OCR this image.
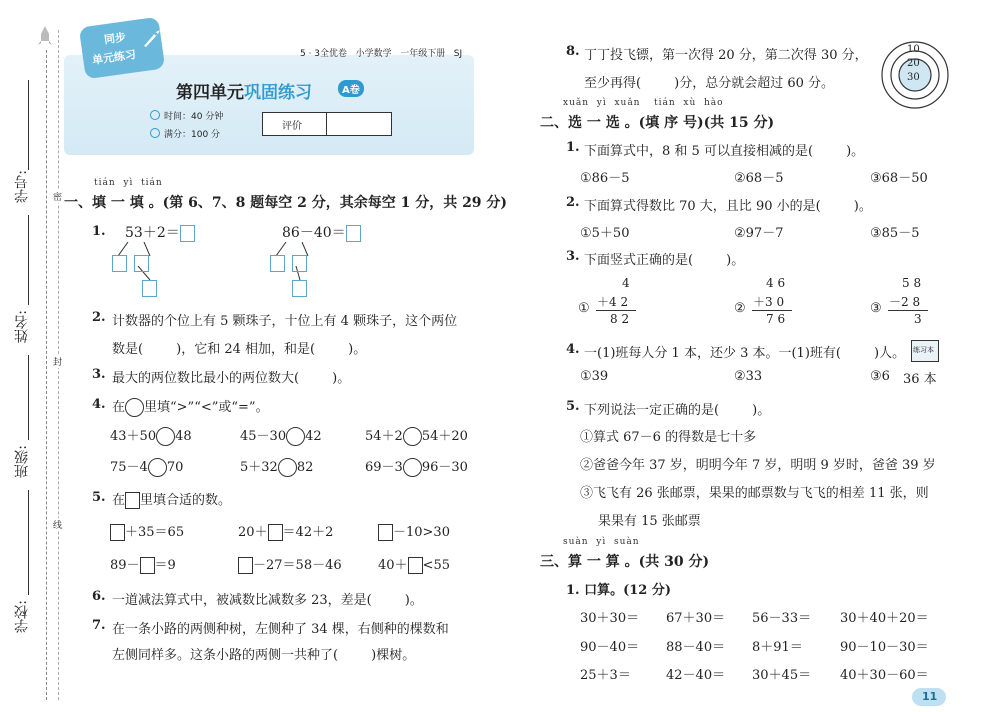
学号:
姓名:
班级:
学校:
密
封
线
同步
单元练习	5 · 3全优卷   小学数学   一年级下册   SJ
第四单元巩固练习	A卷
时间：40 分钟
满分：100 分
评价
tián  yì  tián
一、填 一 填 。(第 6、7、8 题每空 2 分，其余每空 1 分，共 29 分)
1. 53＋2＝	86－40＝
2. 计数器的个位上有 5 颗珠子，十位上有 4 颗珠子，这个两位
数是(        )，它和 24 相加，和是(        )。
3. 最大的两位数比最小的两位数大(        )。
4. 在 里填“>”“<”或“=”。
43＋50 48	45－30 42	54＋2 54＋20
75－4 70	5＋32 82	69－3 96－30
5. 在 里填合适的数。
＋35＝65	20＋ ＝42＋2	－10>30
89－ ＝9	－27＝58－46	40＋ <55
6. 一道减法算式中，被减数比减数多 23，差是(        )。
7. 在一条小路的两侧种树，左侧种了 34 棵，右侧种的棵数和
左侧同样多。这条小路的两侧一共种了(        )棵树。
8. 丁丁投飞镖，第一次得 20 分，第二次得 30 分，
至少再得(        )分，总分就会超过 60 分。
10
20
30
xuǎn  yì  xuǎn tián  xù  hào
二、选 一 选 。(填 序 号)(共 15 分)
1. 下面算式中，8 和 5 可以直接相减的是(        )。
①86－5	②68－5	③68－50
2. 下面算式得数比 70 大，且比 90 小的是(        )。
①5＋50	②97－7	③85－5
3. 下面竖式正确的是(        )。
①
4
＋4 2
8 2
②
4 6
＋3 0
7 6
③
5 8
－2 8
3
4. 一(1)班每人分 1 本，还少 3 本。一(1)班有(        )人。
①39	②33	③6
练习本
36 本
5. 下列说法一定正确的是(        )。
①算式 67－6 的得数是七十多
②爸爸今年 37 岁，明明今年 7 岁，明明 9 岁时，爸爸 39 岁
③飞飞有 26 张邮票，果果的邮票数与飞飞的相差 11 张，则
果果有 15 张邮票
suàn  yì  suàn
三、算 一 算 。(共 30 分)
1. 口算。(12 分)
30＋30＝ 67＋30＝ 56－33＝ 30＋40＋20＝
90－40＝ 88－40＝ 8＋91＝	90－10－30＝
25＋3＝	42－40＝ 30＋45＝ 40＋30－60＝
11
